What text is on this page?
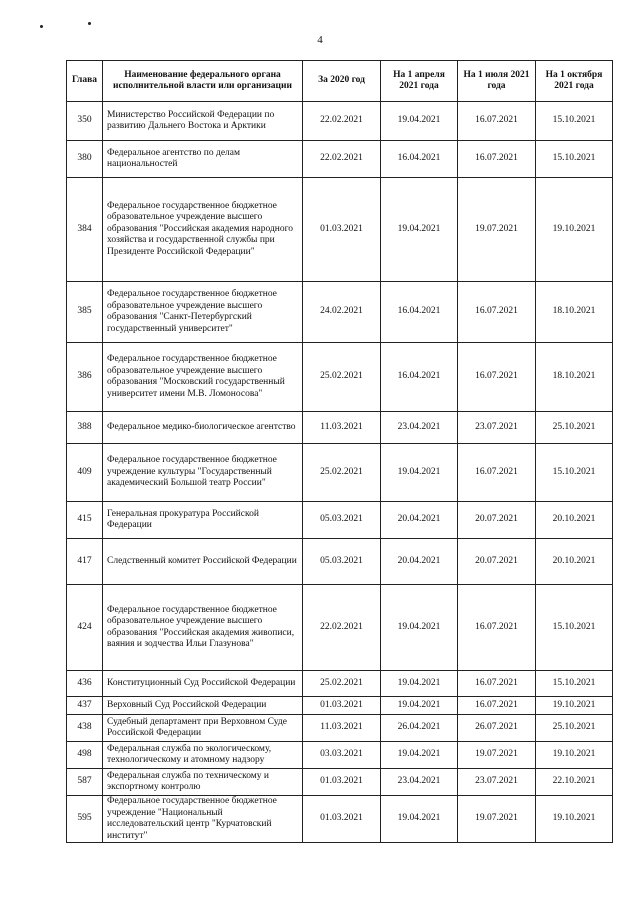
4
Глава	Наименование федерального органа исполнительной власти или организации	За 2020 год	На 1 апреля 2021 года	На 1 июля 2021 года	На 1 октября 2021 года
350	Министерство Российской Федерации по развитию Дальнего Востока и Арктики	22.02.2021	19.04.2021	16.07.2021	15.10.2021
380	Федеральное агентство по делам национальностей	22.02.2021	16.04.2021	16.07.2021	15.10.2021
384	Федеральное государственное бюджетное образовательное учреждение высшего образования "Российская академия народного хозяйства и государственной службы при Президенте Российской Федерации"	01.03.2021	19.04.2021	19.07.2021	19.10.2021
385	Федеральное государственное бюджетное образовательное учреждение высшего образования "Санкт-Петербургский государственный университет"	24.02.2021	16.04.2021	16.07.2021	18.10.2021
386	Федеральное государственное бюджетное образовательное учреждение высшего образования "Московский государственный университет имени М.В. Ломоносова"	25.02.2021	16.04.2021	16.07.2021	18.10.2021
388	Федеральное медико-биологическое агентство	11.03.2021	23.04.2021	23.07.2021	25.10.2021
409	Федеральное государственное бюджетное учреждение культуры "Государственный академический Большой театр России"	25.02.2021	19.04.2021	16.07.2021	15.10.2021
415	Генеральная прокуратура Российской Федерации	05.03.2021	20.04.2021	20.07.2021	20.10.2021
417	Следственный комитет Российской Федерации	05.03.2021	20.04.2021	20.07.2021	20.10.2021
424	Федеральное государственное бюджетное образовательное учреждение высшего образования "Российская академия живописи, ваяния и зодчества Ильи Глазунова"	22.02.2021	19.04.2021	16.07.2021	15.10.2021
436	Конституционный Суд Российской Федерации	25.02.2021	19.04.2021	16.07.2021	15.10.2021
437	Верховный Суд Российской Федерации	01.03.2021	19.04.2021	16.07.2021	19.10.2021
438	Судебный департамент при Верховном Суде Российской Федерации	11.03.2021	26.04.2021	26.07.2021	25.10.2021
498	Федеральная служба по экологическому, технологическому и атомному надзору	03.03.2021	19.04.2021	19.07.2021	19.10.2021
587	Федеральная служба по техническому и экспортному контролю	01.03.2021	23.04.2021	23.07.2021	22.10.2021
595	Федеральное государственное бюджетное учреждение "Национальный исследовательский центр "Курчатовский институт"	01.03.2021	19.04.2021	19.07.2021	19.10.2021
